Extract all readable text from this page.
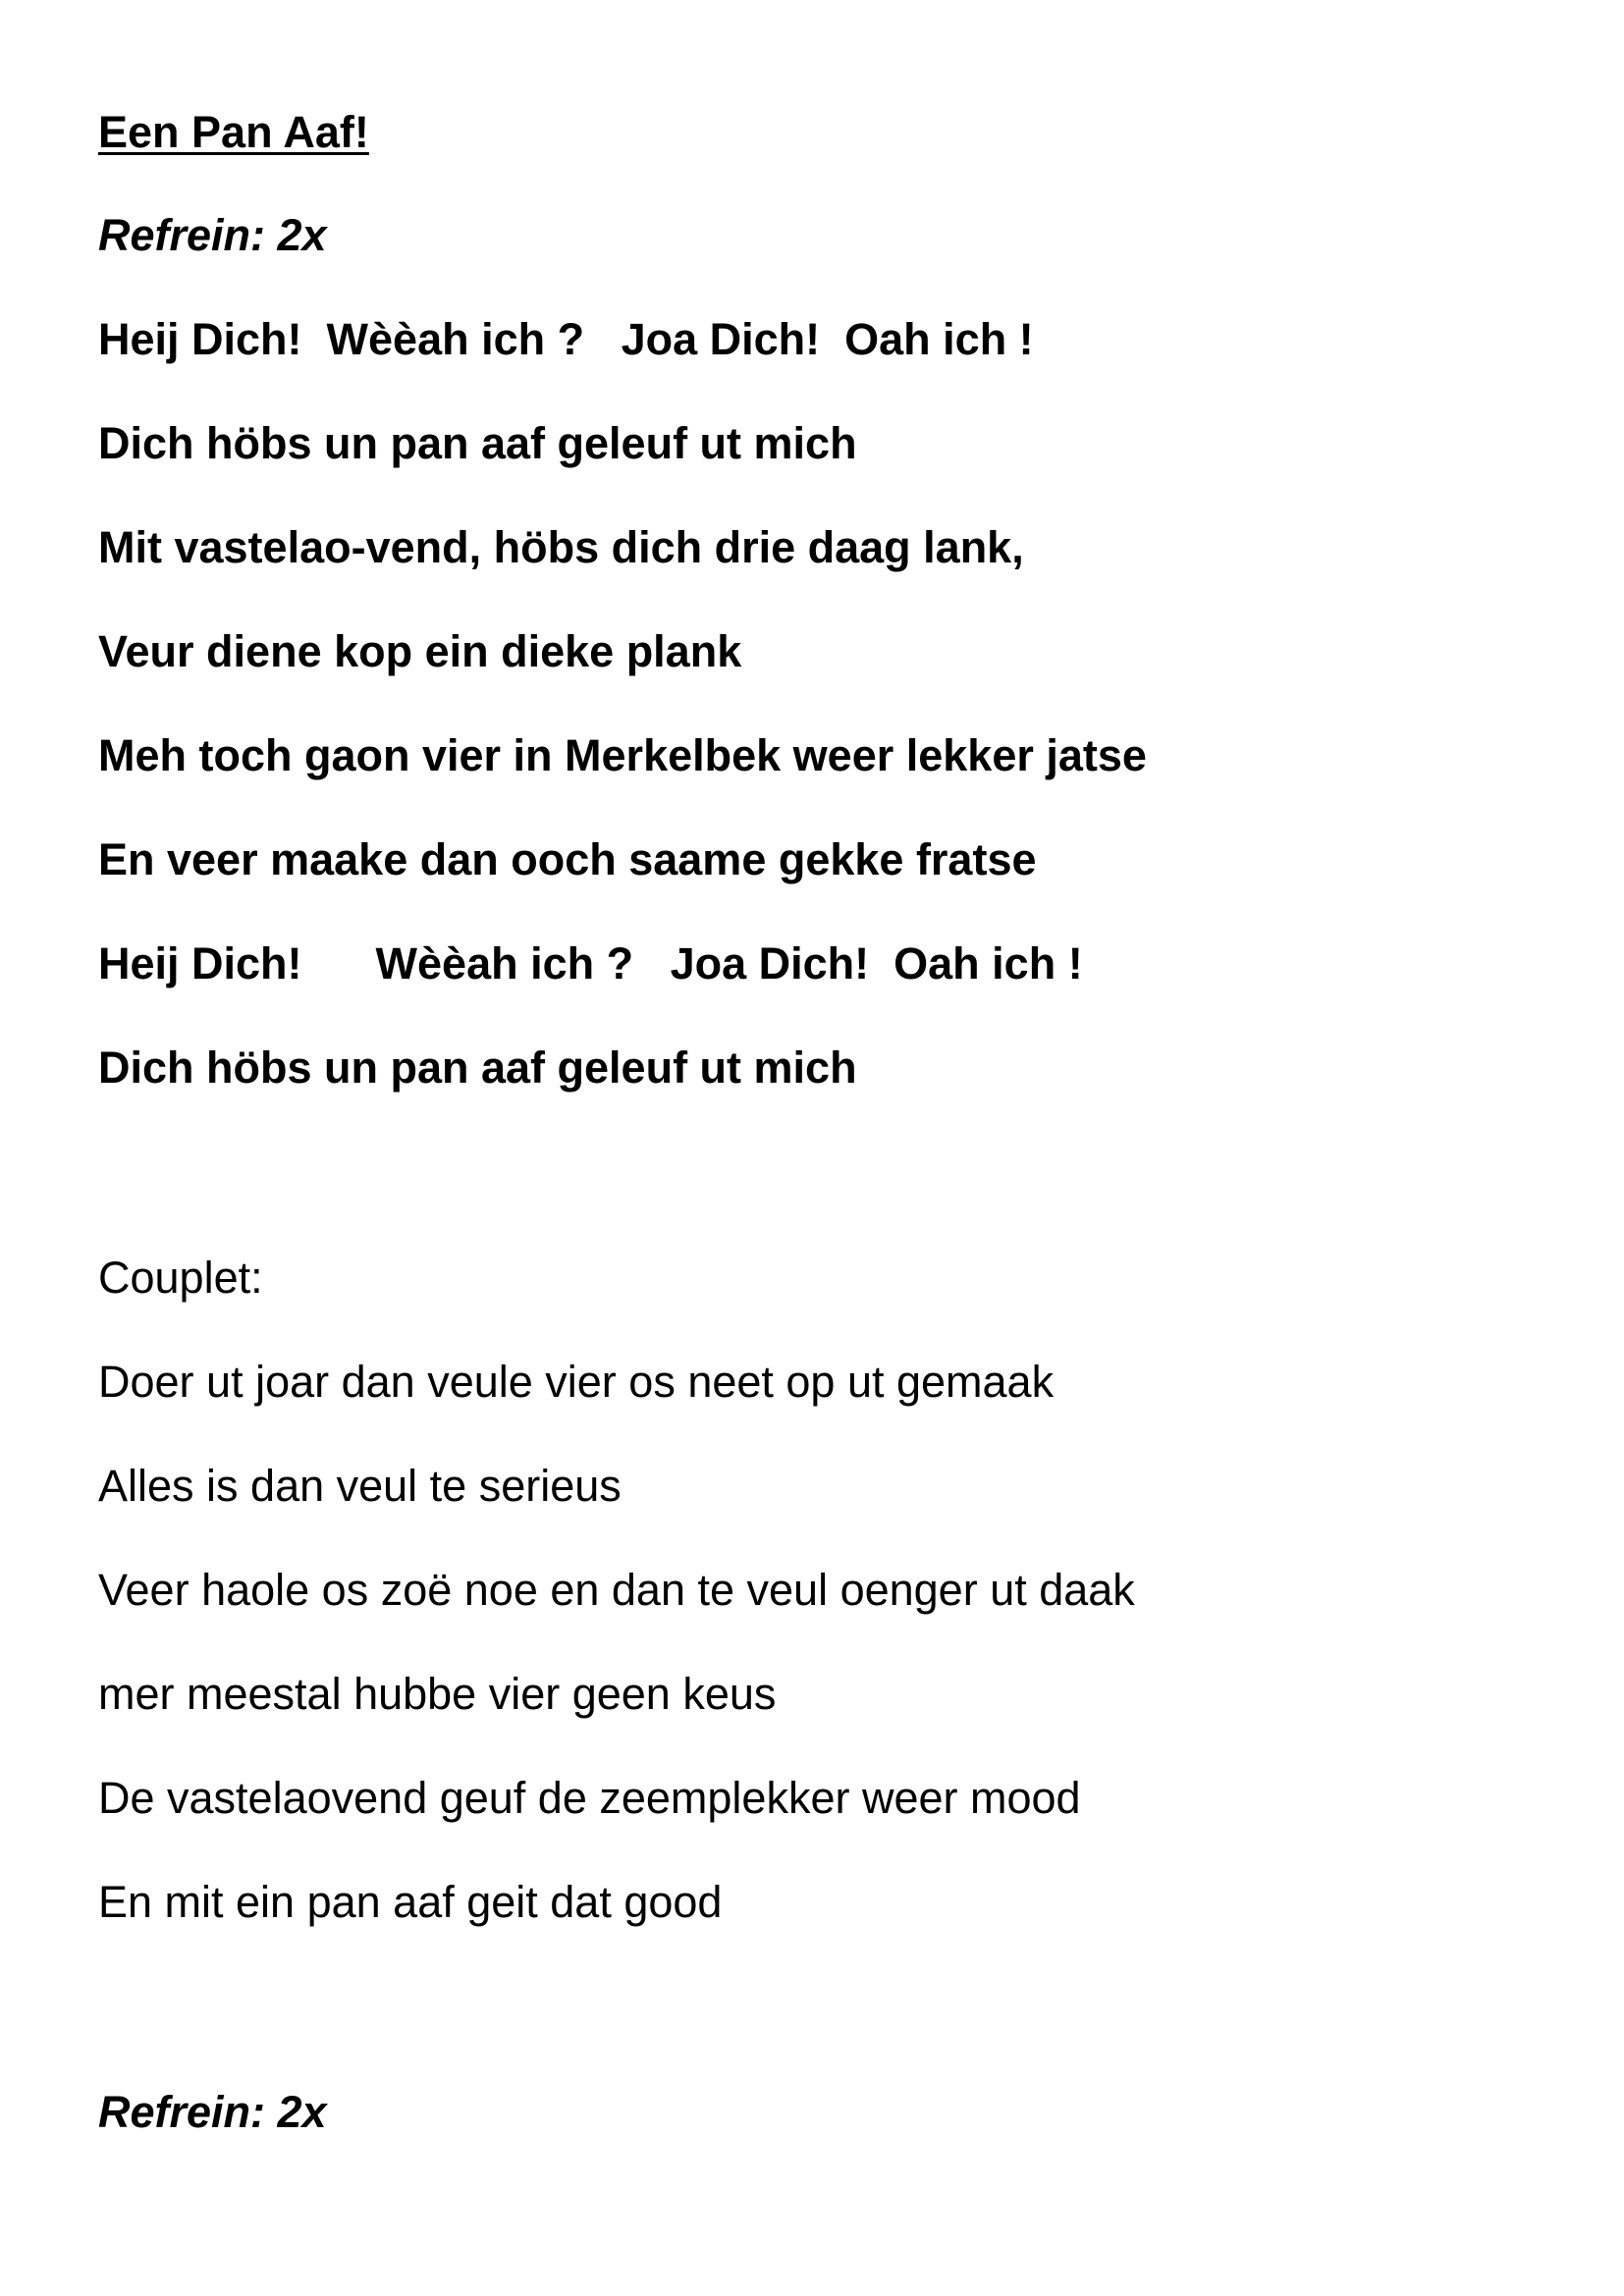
Een Pan Aaf!
Refrein: 2x
Heij Dich!  Wèèah ich ?   Joa Dich!  Oah ich !
Dich höbs un pan aaf geleuf ut mich
Mit vastelao-vend, höbs dich drie daag lank,
Veur diene kop ein dieke plank
Meh toch gaon vier in Merkelbek weer lekker jatse
En veer maake dan ooch saame gekke fratse
Heij Dich!      Wèèah ich ?   Joa Dich!  Oah ich !
Dich höbs un pan aaf geleuf ut mich
Couplet:
Doer ut joar dan veule vier os neet op ut gemaak
Alles is dan veul te serieus
Veer haole os zoë noe en dan te veul oenger ut daak
mer meestal hubbe vier geen keus
De vastelaovend geuf de zeemplekker weer mood
En mit ein pan aaf geit dat good
Refrein: 2x
